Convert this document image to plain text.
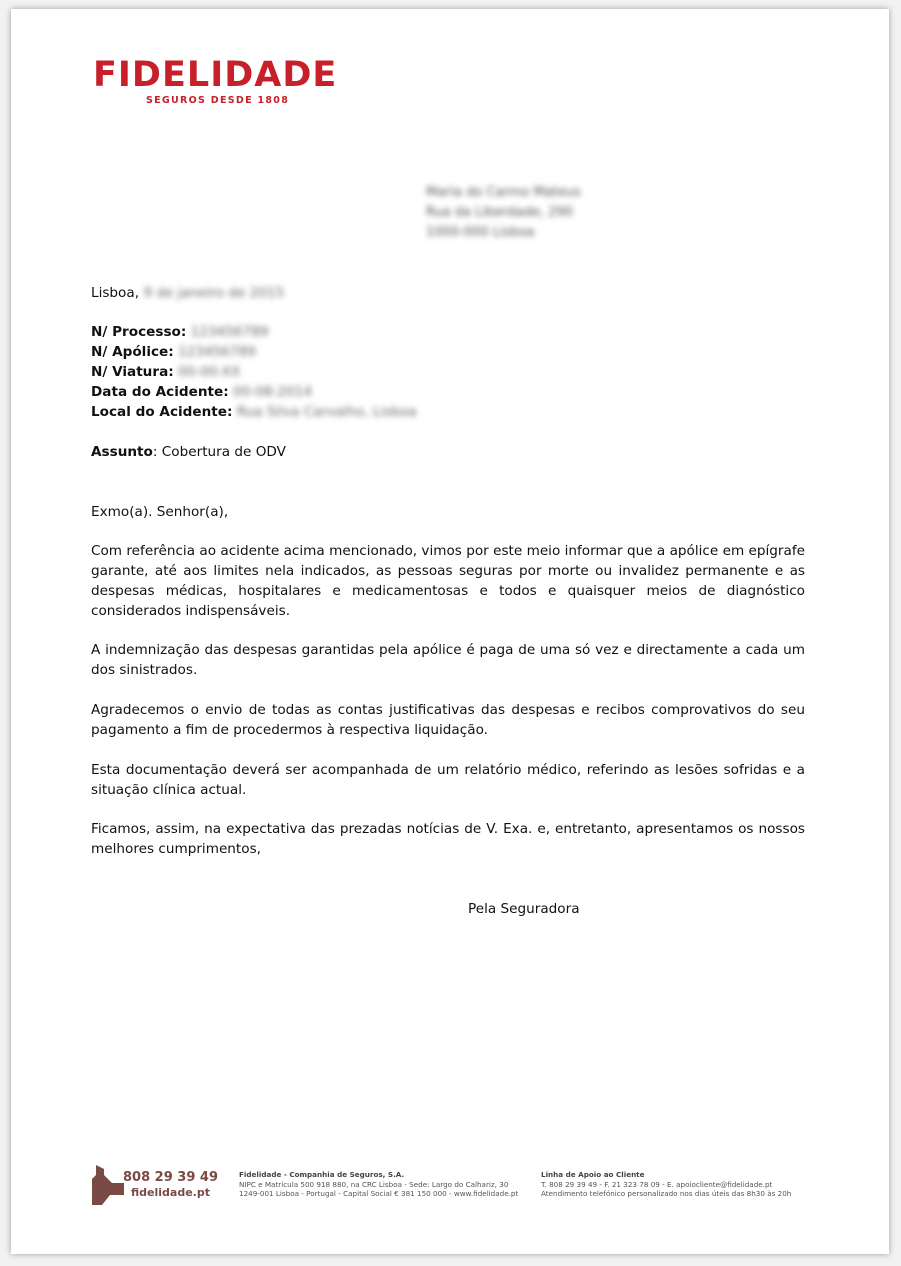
FIDELIDADE
SEGUROS DESDE 1808
Maria do Carmo Mateus
Rua da Liberdade, 290
1000-000 Lisboa
Lisboa, 9 de janeiro de 2015
N/ Processo: 123456789
N/ Apólice: 123456789
N/ Viatura: 00-00-XX
Data do Acidente: 00-08-2014
Local do Acidente: Rua Silva Carvalho, Lisboa
Assunto: Cobertura de ODV
Exmo(a). Senhor(a),
Com referência ao acidente acima mencionado, vimos por este meio informar que a apólice em epígrafe garante, até aos limites nela indicados, as pessoas seguras por morte ou invalidez permanente e as despesas médicas, hospitalares e medicamentosas e todos e quaisquer meios de diagnóstico considerados indispensáveis.
A indemnização das despesas garantidas pela apólice é paga de uma só vez e directamente a cada um dos sinistrados.
Agradecemos o envio de todas as contas justificativas das despesas e recibos comprovativos do seu pagamento a fim de procedermos à respectiva liquidação.
Esta documentação deverá ser acompanhada de um relatório médico, referindo as lesões sofridas e a situação clínica actual.
Ficamos, assim, na expectativa das prezadas notícias de V. Exa. e, entretanto, apresentamos os nossos melhores cumprimentos,
Pela Seguradora
808 29 39 49
fidelidade.pt
Fidelidade - Companhia de Seguros, S.A.
NIPC e Matrícula 500 918 880, na CRC Lisboa - Sede: Largo do Calhariz, 30
1249-001 Lisboa - Portugal - Capital Social € 381 150 000 - www.fidelidade.pt
Linha de Apoio ao Cliente
T. 808 29 39 49 - F. 21 323 78 09 - E. apoiocliente@fidelidade.pt
Atendimento telefónico personalizado nos dias úteis das 8h30 às 20h
